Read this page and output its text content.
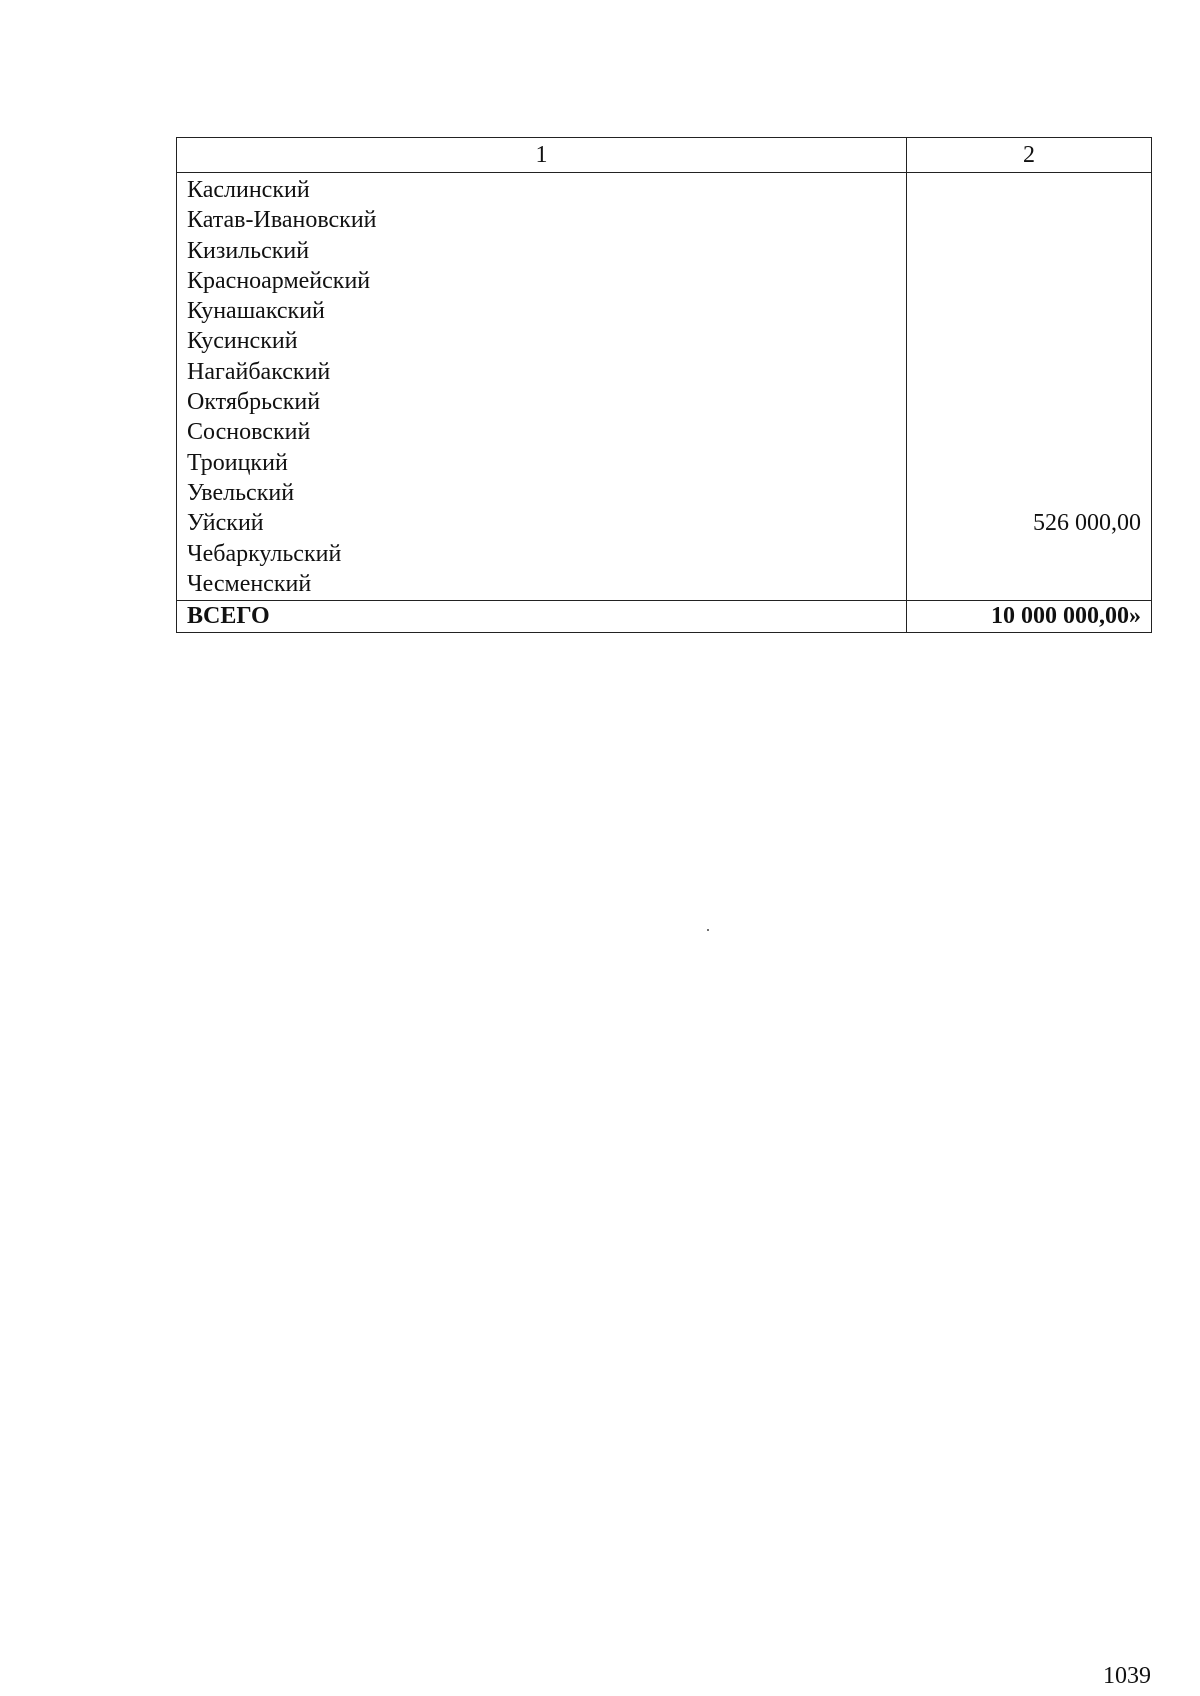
1	2
Каслинский	
Катав-Ивановский	
Кизильский	
Красноармейский	
Кунашакский	
Кусинский	
Нагайбакский	
Октябрьский	
Сосновский	
Троицкий	
Увельский	
Уйский	526 000,00
Чебаркульский	
Чесменский	
ВСЕГО	10 000 000,00»
1039
